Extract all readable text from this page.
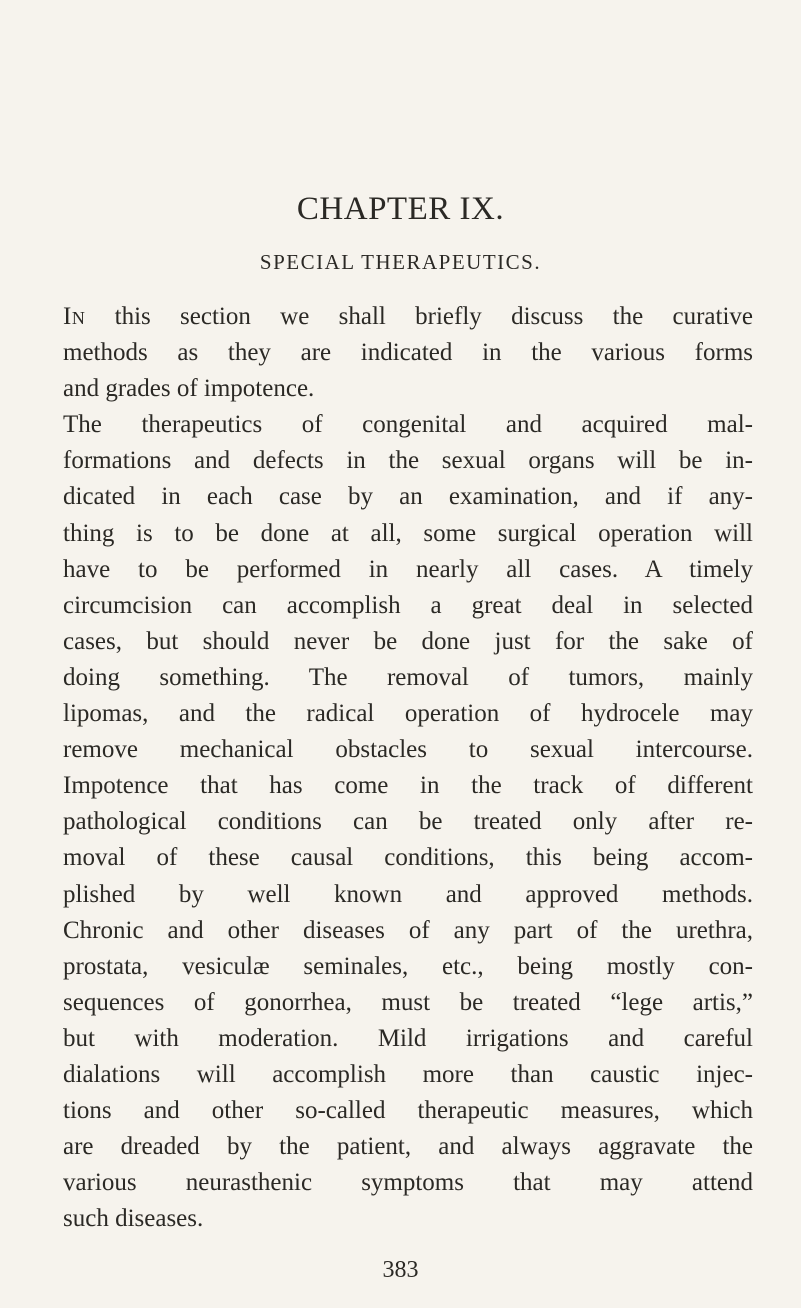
CHAPTER IX.
SPECIAL THERAPEUTICS.
In this section we shall briefly discuss the curative
methods as they are indicated in the various forms
and grades of impotence.
The therapeutics of congenital and acquired mal-
formations and defects in the sexual organs will be in-
dicated in each case by an examination, and if any-
thing is to be done at all, some surgical operation will
have to be performed in nearly all cases. A timely
circumcision can accomplish a great deal in selected
cases, but should never be done just for the sake of
doing something. The removal of tumors, mainly
lipomas, and the radical operation of hydrocele may
remove mechanical obstacles to sexual intercourse.
Impotence that has come in the track of different
pathological conditions can be treated only after re-
moval of these causal conditions, this being accom-
plished by well known and approved methods.
Chronic and other diseases of any part of the urethra,
prostata, vesiculæ seminales, etc., being mostly con-
sequences of gonorrhea, must be treated “lege artis,”
but with moderation. Mild irrigations and careful
dialations will accomplish more than caustic injec-
tions and other so-called therapeutic measures, which
are dreaded by the patient, and always aggravate the
various neurasthenic symptoms that may attend
such diseases.
383
